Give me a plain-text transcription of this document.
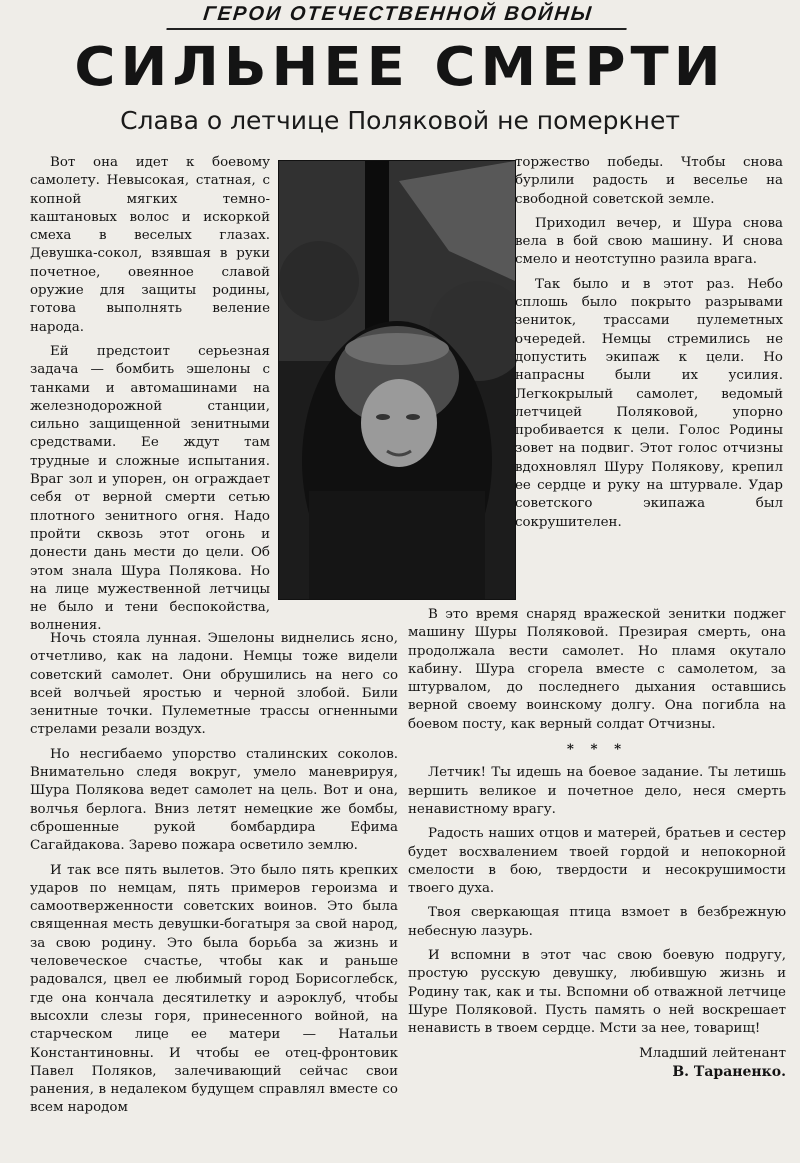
ГЕРОИ ОТЕЧЕСТВЕННОЙ ВОЙНЫ
СИЛЬНЕЕ СМЕРТИ
Слава о летчице Поляковой не померкнет

Вот она идет к боевому самолету. Невысокая, статная, с копной мягких темно-каштановых волос и искоркой смеха в веселых глазах. Девушка-сокол, взявшая в руки почетное, овеянное славой оружие для защиты родины, готова выполнять веление народа.

Ей предстоит серьезная задача — бомбить эшелоны с танками и автомашинами на железнодорожной станции, сильно защищенной зенитными средствами. Ее ждут там трудные и сложные испытания. Враг зол и упорен, он ограждает себя от верной смерти сетью плотного зенитного огня. Надо пройти сквозь этот огонь и донести дань мести до цели. Об этом знала Шура Полякова. Но на лице мужественной летчицы не было и тени беспокойства, волнения.

Ночь стояла лунная. Эшелоны виднелись ясно, отчетливо, как на ладони. Немцы тоже видели советский самолет. Они обрушились на него со всей волчьей яростью и черной злобой. Били зенитные точки. Пулеметные трассы огненными стрелами резали воздух.

Но несгибаемо упорство сталинских соколов. Внимательно следя вокруг, умело маневрируя, Шура Полякова ведет самолет на цель. Вот и она, волчья берлога. Вниз летят немецкие же бомбы, сброшенные рукой бомбардира Ефима Сагайдакова. Зарево пожара осветило землю.

И так все пять вылетов. Это было пять крепких ударов по немцам, пять примеров героизма и самоотверженности советских воинов. Это была священная месть девушки-богатыря за свой народ, за свою родину. Это была борьба за жизнь и человеческое счастье, чтобы как и раньше радовался, цвел ее любимый город Борисоглебск, где она кончала десятилетку и аэроклуб, чтобы высохли слезы горя, принесенного войной, на старческом лице ее матери — Натальи Константиновны. И чтобы ее отец-фронтовик Павел Поляков, залечивающий сейчас свои ранения, в недалеком будущем справлял вместе со всем народом

торжество победы. Чтобы снова бурлили радость и веселье на свободной советской земле.

Приходил вечер, и Шура снова вела в бой свою машину. И снова смело и неотступно разила врага.

Так было и в этот раз. Небо сплошь было покрыто разрывами зениток, трассами пулеметных очередей. Немцы стремились не допустить экипаж к цели. Но напрасны были их усилия. Легкокрылый самолет, ведомый летчицей Поляковой, упорно пробивается к цели. Голос Родины зовет на подвиг. Этот голос отчизны вдохновлял Шуру Полякову, крепил ее сердце и руку на штурвале. Удар советского экипажа был сокрушителен.

В это время снаряд вражеской зенитки поджег машину Шуры Поляковой. Презирая смерть, она продолжала вести самолет. Но пламя окутало кабину. Шура сгорела вместе с самолетом, за штурвалом, до последнего дыхания оставшись верной своему воинскому долгу. Она погибла на боевом посту, как верный солдат Отчизны.

* * *

Летчик! Ты идешь на боевое задание. Ты летишь вершить великое и почетное дело, неся смерть ненавистному врагу.

Радость наших отцов и матерей, братьев и сестер будет восхвалением твоей гордой и непокорной смелости в бою, твердости и несокрушимости твоего духа.

Твоя сверкающая птица взмоет в безбрежную небесную лазурь.

И вспомни в этот час свою боевую подругу, простую русскую девушку, любившую жизнь и Родину так, как и ты. Вспомни об отважной летчице Шуре Поляковой. Пусть память о ней воскрешает ненависть в твоем сердце. Мсти за нее, товарищ!

Младший лейтенант
В. Тараненко.
